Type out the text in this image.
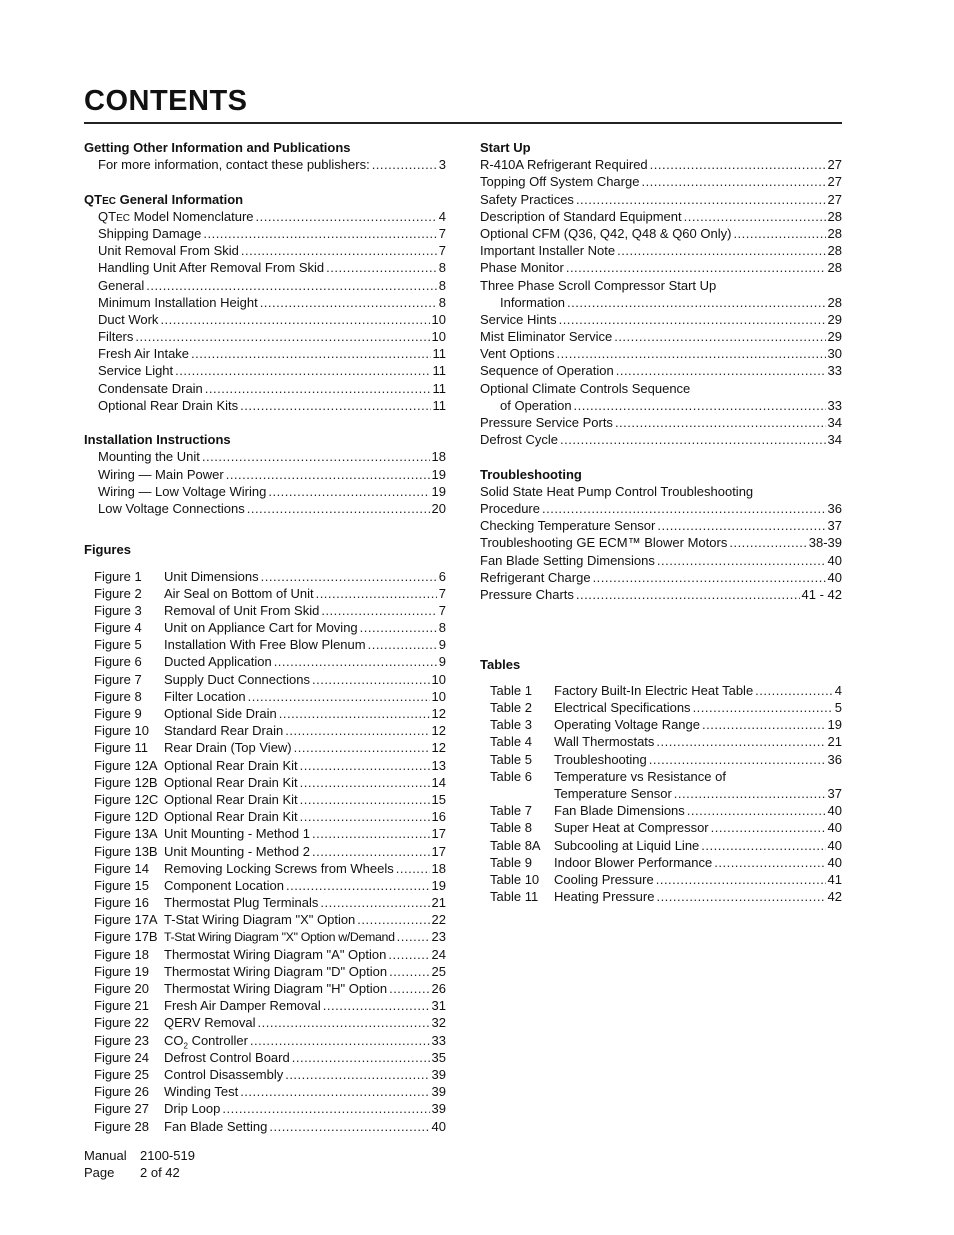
CONTENTS
Getting Other Information and Publications
For more information, contact these publishers: .....	3
QTEC General Information
QTEC Model Nomenclature .....	4
Shipping Damage .....	7
Unit Removal From Skid .....	7
Handling Unit After Removal From Skid .....	8
General .....	8
Minimum Installation Height .....	8
Duct Work .....	10
Filters .....	10
Fresh Air Intake .....	11
Service Light .....	11
Condensate Drain .....	11
Optional Rear Drain Kits .....	11
Installation Instructions
Mounting the Unit .....	18
Wiring — Main Power .....	19
Wiring — Low Voltage Wiring .....	19
Low Voltage Connections .....	20
Figures
Figure 1	Unit Dimensions .....	6
Figure 2	Air Seal on Bottom of Unit .....	7
Figure 3	Removal of Unit From Skid .....	7
Figure 4	Unit on Appliance Cart for Moving .....	8
Figure 5	Installation With Free Blow Plenum .....	9
Figure 6	Ducted Application .....	9
Figure 7	Supply Duct Connections .....	10
Figure 8	Filter Location .....	10
Figure 9	Optional Side Drain .....	12
Figure 10	Standard Rear Drain .....	12
Figure 11	Rear Drain (Top View) .....	12
Figure 12A Optional Rear Drain Kit .....	13
Figure 12B Optional Rear Drain Kit .....	14
Figure 12C Optional Rear Drain Kit .....	15
Figure 12D Optional Rear Drain Kit .....	16
Figure 13A Unit Mounting - Method 1 .....	17
Figure 13B Unit Mounting - Method 2 .....	17
Figure 14	Removing Locking Screws from Wheels .....	18
Figure 15	Component Location .....	19
Figure 16	Thermostat Plug Terminals .....	21
Figure 17A T-Stat Wiring Diagram "X" Option .....	22
Figure 17B T-Stat Wiring Diagram "X" Option w/Demand .....	23
Figure 18	Thermostat Wiring Diagram "A" Option .....	24
Figure 19	Thermostat Wiring Diagram "D" Option .....	25
Figure 20	Thermostat Wiring Diagram "H" Option .....	26
Figure 21	Fresh Air Damper Removal .....	31
Figure 22	QERV Removal .....	32
Figure 23	$CO_2$ Controller .....	33
Figure 24	Defrost Control Board .....	35
Figure 25	Control Disassembly .....	39
Figure 26	Winding Test .....	39
Figure 27	Drip Loop .....	39
Figure 28	Fan Blade Setting .....	40
Start Up
R-410A Refrigerant Required .....	27
Topping Off System Charge .....	27
Safety Practices .....	27
Description of Standard Equipment .....	28
Optional CFM (Q36, Q42, Q48 & Q60 Only) .....	28
Important Installer Note .....	28
Phase Monitor .....	28
Three Phase Scroll Compressor Start Up
Information .....	28
Service Hints .....	29
Mist Eliminator Service .....	29
Vent Options .....	30
Sequence of Operation .....	33
Optional Climate Controls Sequence
of Operation .....	33
Pressure Service Ports .....	34
Defrost Cycle .....	34
Troubleshooting
Solid State Heat Pump Control Troubleshooting
Procedure .....	36
Checking Temperature Sensor .....	37
Troubleshooting GE ECM™ Blower Motors .....	38-39
Fan Blade Setting Dimensions .....	40
Refrigerant Charge .....	40
Pressure Charts .....	41 - 42
Tables
Table 1	Factory Built-In Electric Heat Table .....	4
Table 2	Electrical Specifications .....	5
Table 3	Operating Voltage Range .....	19
Table 4	Wall Thermostats .....	21
Table 5	Troubleshooting .....	36
Table 6	Temperature vs Resistance of
Temperature Sensor .....	37
Table 7	Fan Blade Dimensions .....	40
Table 8	Super Heat at Compressor .....	40
Table 8A	Subcooling at Liquid Line .....	40
Table 9	Indoor Blower Performance .....	40
Table 10	Cooling Pressure .....	41
Table 11	Heating Pressure .....	42
Manual 2100-519
Page 2 of 42
